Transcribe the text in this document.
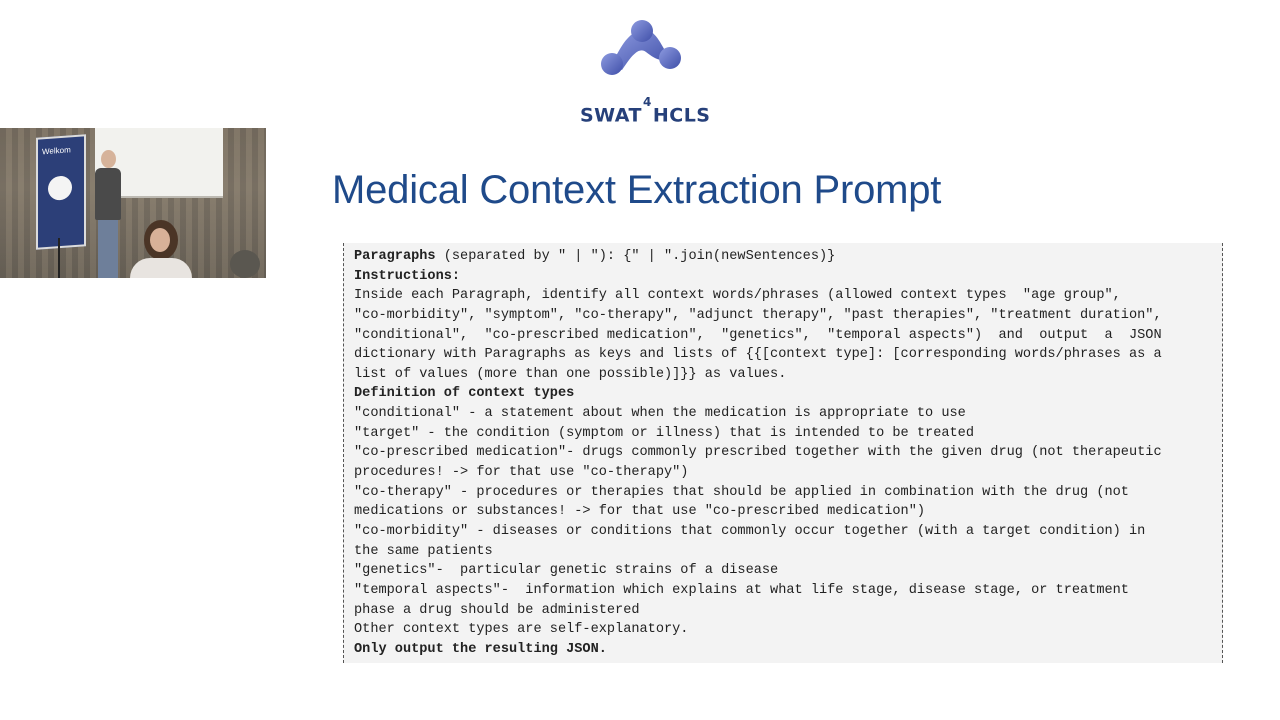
SWAT$^4$HCLS
Welkom
Medical Context Extraction Prompt
Paragraphs (separated by " | "): {" | ".join(newSentences)}
Instructions:
Inside each Paragraph, identify all context words/phrases (allowed context types  "age group",
"co-morbidity", "symptom", "co-therapy", "adjunct therapy", "past therapies", "treatment duration",
"conditional",  "co-prescribed medication",  "genetics",  "temporal aspects")  and  output  a  JSON
dictionary with Paragraphs as keys and lists of {{[context type]: [corresponding words/phrases as a
list of values (more than one possible)]}} as values.
Definition of context types
"conditional" - a statement about when the medication is appropriate to use
"target" - the condition (symptom or illness) that is intended to be treated
"co-prescribed medication"- drugs commonly prescribed together with the given drug (not therapeutic
procedures! -> for that use "co-therapy")
"co-therapy" - procedures or therapies that should be applied in combination with the drug (not
medications or substances! -> for that use "co-prescribed medication")
"co-morbidity" - diseases or conditions that commonly occur together (with a target condition) in
the same patients
"genetics"-  particular genetic strains of a disease
"temporal aspects"-  information which explains at what life stage, disease stage, or treatment
phase a drug should be administered
Other context types are self-explanatory.
Only output the resulting JSON.
